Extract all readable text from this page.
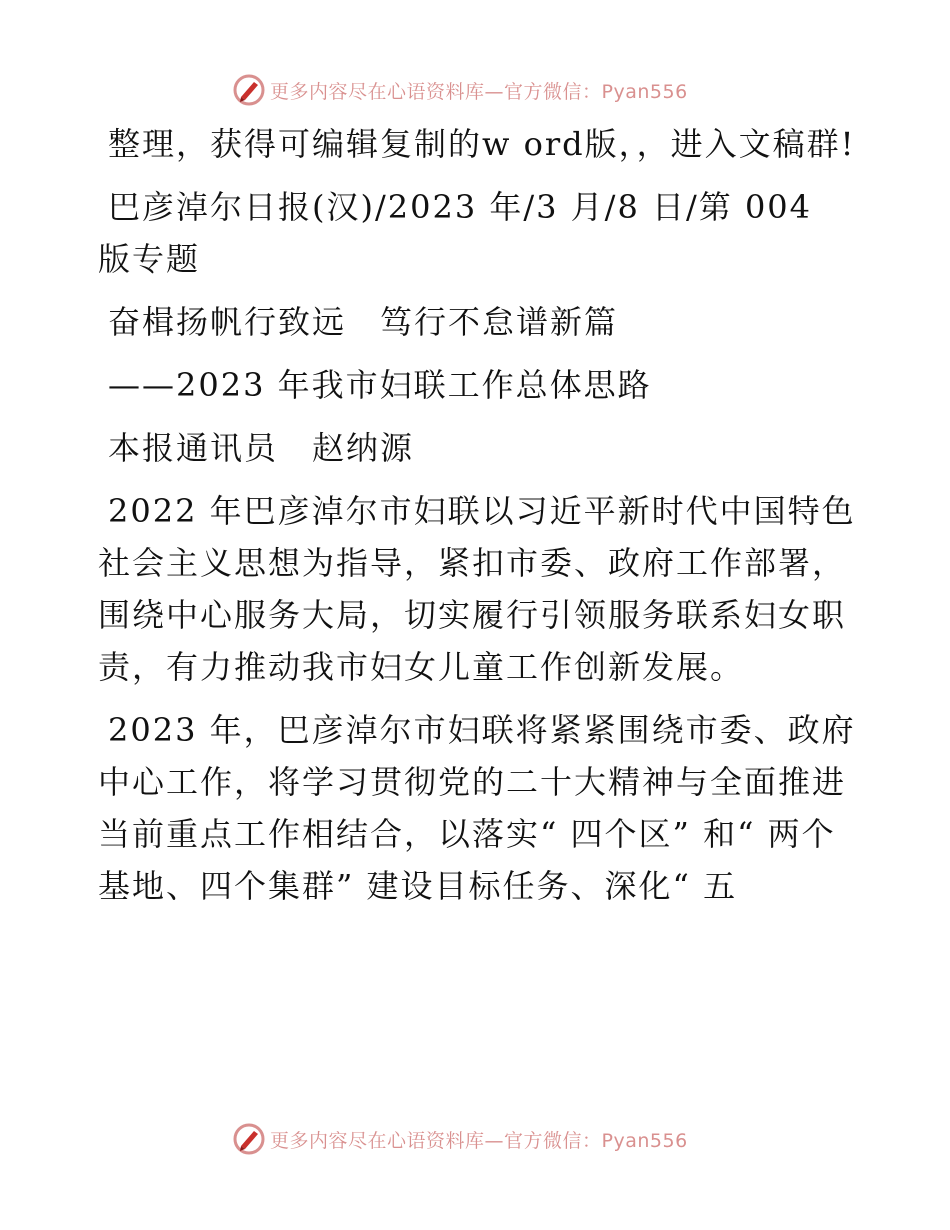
更多内容尽在心语资料库—官方微信：Pyan556

整理，获得可编辑复制的w ord版，，进入文稿群!

巴彦淖尔日报(汉)/2023 年/3 月/8 日/第 004 版专题

奋楫扬帆行致远　笃行不怠谱新篇

——2023 年我市妇联工作总体思路

本报通讯员　赵纳源

2022 年巴彦淖尔市妇联以习近平新时代中国特色社会主义思想为指导，紧扣市委、政府工作部署，围绕中心服务大局，切实履行引领服务联系妇女职责，有力推动我市妇女儿童工作创新发展。

2023 年，巴彦淖尔市妇联将紧紧围绕市委、政府中心工作，将学习贯彻党的二十大精神与全面推进当前重点工作相结合，以落实“ 四个区” 和“ 两个基地、四个集群” 建设目标任务、深化“ 五

更多内容尽在心语资料库—官方微信：Pyan556
